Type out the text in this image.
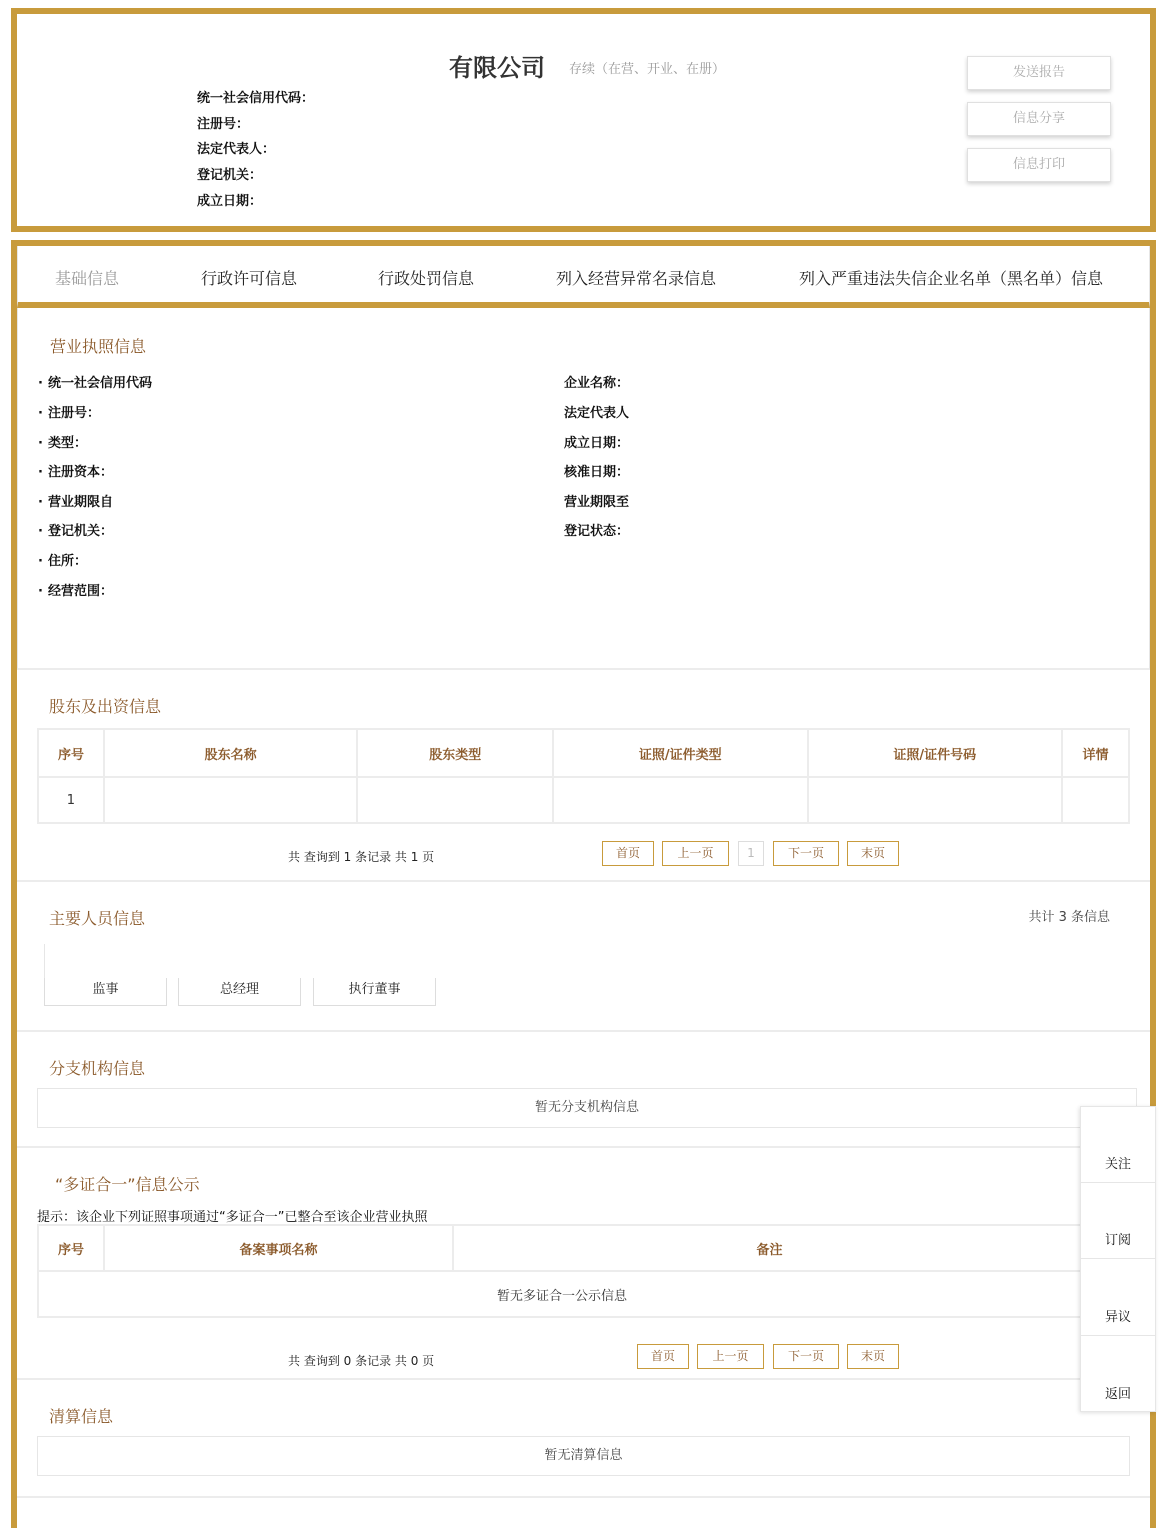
有限公司 存续（在营、开业、在册）
统一社会信用代码：
注册号：
法定代表人：
登记机关：
成立日期：
发送报告
信息分享
信息打印
基础信息	行政许可信息	行政处罚信息	列入经营异常名录信息	列入严重违法失信企业名单（黑名单）信息
营业执照信息
· 统一社会信用代码
· 注册号：
· 类型：
· 注册资本：
· 营业期限自
· 登记机关：
· 住所：
· 经营范围：
企业名称：
法定代表人
成立日期：
核准日期：
营业期限至
登记状态：
股东及出资信息
序号	股东名称	股东类型	证照/证件类型	证照/证件号码	详情
1					
共 查询到 1 条记录 共 1 页	首页	上一页	1	下一页	末页
主要人员信息	共计 3 条信息
监事	总经理	执行董事
分支机构信息
暂无分支机构信息
“多证合一”信息公示
提示：该企业下列证照事项通过“多证合一”已整合至该企业营业执照
序号	备案事项名称	备注
暂无多证合一公示信息
共 查询到 0 条记录 共 0 页	首页	上一页	下一页	末页
清算信息
暂无清算信息
关注
订阅
异议
返回
